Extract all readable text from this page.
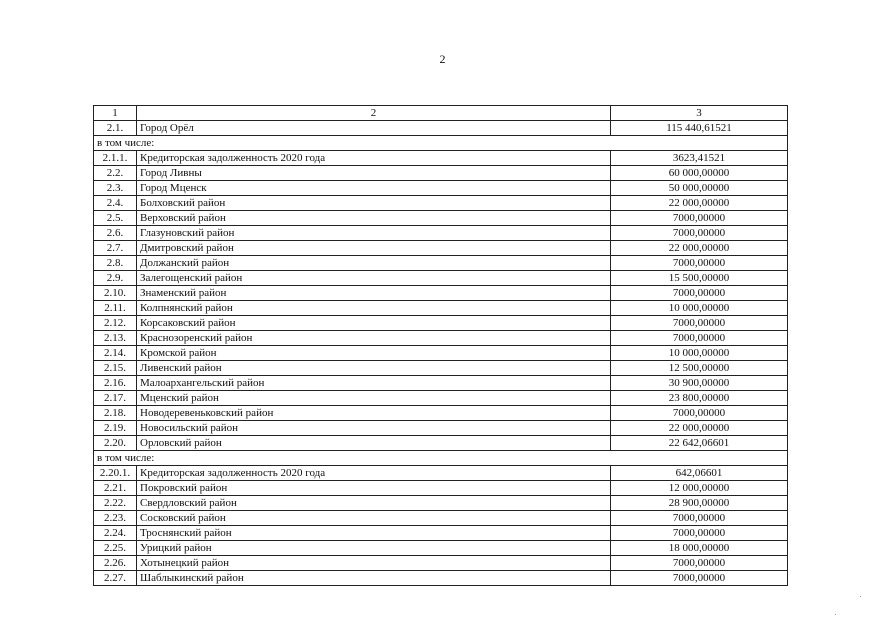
2
1	2	3
2.1.	Город Орёл	115 440,61521
в том числе:		
2.1.1.	Кредиторская задолженность 2020 года	3623,41521
2.2.	Город Ливны	60 000,00000
2.3.	Город Мценск	50 000,00000
2.4.	Болховский район	22 000,00000
2.5.	Верховский район	7000,00000
2.6.	Глазуновский район	7000,00000
2.7.	Дмитровский район	22 000,00000
2.8.	Должанский район	7000,00000
2.9.	Залегощенский район	15 500,00000
2.10.	Знаменский район	7000,00000
2.11.	Колпнянский район	10 000,00000
2.12.	Корсаковский район	7000,00000
2.13.	Краснозоренский район	7000,00000
2.14.	Кромской район	10 000,00000
2.15.	Ливенский район	12 500,00000
2.16.	Малоархангельский район	30 900,00000
2.17.	Мценский район	23 800,00000
2.18.	Новодеревеньковский район	7000,00000
2.19.	Новосильский район	22 000,00000
2.20.	Орловский район	22 642,06601
в том числе:		
2.20.1.	Кредиторская задолженность 2020 года	642,06601
2.21.	Покровский район	12 000,00000
2.22.	Свердловский район	28 900,00000
2.23.	Сосковский район	7000,00000
2.24.	Троснянский район	7000,00000
2.25.	Урицкий район	18 000,00000
2.26.	Хотынецкий район	7000,00000
2.27.	Шаблыкинский район	7000,00000
